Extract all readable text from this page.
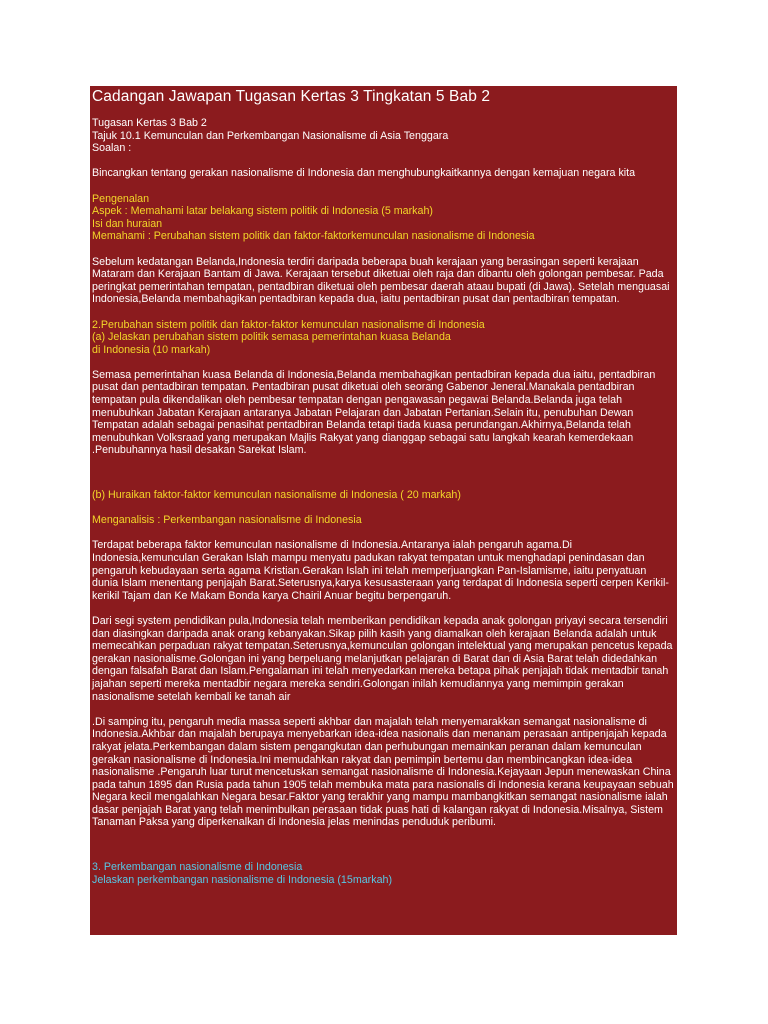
Cadangan Jawapan Tugasan Kertas 3 Tingkatan 5 Bab 2
Tugasan Kertas 3 Bab 2
Tajuk 10.1 Kemunculan dan Perkembangan Nasionalisme di Asia Tenggara
Soalan :
Bincangkan tentang gerakan nasionalisme di Indonesia dan menghubungkaitkannya dengan kemajuan negara kita
Pengenalan
Aspek : Memahami latar belakang sistem politik di Indonesia (5 markah)
Isi dan huraian
Memahami : Perubahan sistem politik dan faktor-faktorkemunculan nasionalisme di Indonesia
Sebelum kedatangan Belanda,Indonesia terdiri daripada beberapa buah kerajaan yang berasingan seperti kerajaan Mataram dan Kerajaan Bantam di Jawa. Kerajaan tersebut diketuai oleh raja dan dibantu oleh golongan pembesar. Pada peringkat pemerintahan tempatan, pentadbiran diketuai oleh pembesar daerah ataau bupati (di Jawa). Setelah menguasai Indonesia,Belanda membahagikan pentadbiran kepada dua, iaitu pentadbiran pusat dan pentadbiran tempatan.
2.Perubahan sistem politik dan faktor-faktor kemunculan nasionalisme di Indonesia
(a) Jelaskan perubahan sistem politik semasa pemerintahan kuasa Belanda
di Indonesia (10 markah)
Semasa pemerintahan kuasa Belanda di Indonesia,Belanda membahagikan pentadbiran kepada dua iaitu, pentadbiran pusat dan pentadbiran tempatan. Pentadbiran pusat diketuai oleh seorang Gabenor Jeneral.Manakala pentadbiran tempatan pula dikendalikan oleh pembesar tempatan dengan pengawasan pegawai Belanda.Belanda juga telah menubuhkan Jabatan Kerajaan antaranya Jabatan Pelajaran dan Jabatan Pertanian.Selain itu, penubuhan Dewan Tempatan adalah sebagai penasihat pentadbiran Belanda tetapi tiada kuasa perundangan.Akhirnya,Belanda telah menubuhkan Volksraad yang merupakan Majlis Rakyat yang dianggap sebagai satu langkah kearah kemerdekaan .Penubuhannya hasil desakan Sarekat Islam.
(b) Huraikan faktor-faktor kemunculan nasionalisme di Indonesia ( 20 markah)
Menganalisis : Perkembangan nasionalisme di Indonesia
Terdapat beberapa faktor kemunculan nasionalisme di Indonesia.Antaranya ialah pengaruh agama.Di Indonesia,kemunculan Gerakan Islah mampu menyatu padukan rakyat tempatan untuk menghadapi penindasan dan pengaruh kebudayaan serta agama Kristian.Gerakan Islah ini telah memperjuangkan Pan-Islamisme, iaitu penyatuan dunia Islam menentang penjajah Barat.Seterusnya,karya kesusasteraan yang terdapat di Indonesia seperti cerpen Kerikil-kerikil Tajam dan Ke Makam Bonda karya Chairil Anuar begitu berpengaruh.
Dari segi system pendidikan pula,Indonesia telah memberikan pendidikan kepada anak golongan priyayi secara tersendiri dan diasingkan daripada anak orang kebanyakan.Sikap pilih kasih yang diamalkan oleh kerajaan Belanda adalah untuk memecahkan perpaduan rakyat tempatan.Seterusnya,kemunculan golongan intelektual yang merupakan pencetus kepada gerakan nasionalisme.Golongan ini yang berpeluang melanjutkan pelajaran di Barat dan di Asia Barat telah didedahkan dengan falsafah Barat dan Islam.Pengalaman ini telah menyedarkan mereka betapa pihak penjajah tidak mentadbir tanah jajahan seperti mereka mentadbir negara mereka sendiri.Golongan inilah kemudiannya yang memimpin gerakan nasionalisme setelah kembali ke tanah air
.Di samping itu, pengaruh media massa seperti akhbar dan majalah telah menyemarakkan semangat nasionalisme di Indonesia.Akhbar dan majalah berupaya menyebarkan idea-idea nasionalis dan menanam perasaan antipenjajah kepada rakyat jelata.Perkembangan dalam sistem pengangkutan dan perhubungan memainkan peranan dalam kemunculan gerakan nasionalisme di Indonesia.Ini memudahkan rakyat dan pemimpin bertemu dan membincangkan idea-idea nasionalisme .Pengaruh luar turut mencetuskan semangat nasionalisme di Indonesia.Kejayaan Jepun menewaskan China pada tahun 1895 dan Rusia pada tahun 1905 telah membuka mata para nasionalis di Indonesia kerana keupayaan sebuah Negara kecil mengalahkan Negara besar.Faktor yang terakhir yang mampu mambangkitkan semangat nasionalisme ialah dasar penjajah Barat yang telah menimbulkan perasaan tidak puas hati di kalangan rakyat di Indonesia.Misalnya, Sistem Tanaman Paksa yang diperkenalkan di Indonesia jelas menindas penduduk peribumi.
3. Perkembangan nasionalisme di Indonesia
Jelaskan perkembangan nasionalisme di Indonesia (15markah)
